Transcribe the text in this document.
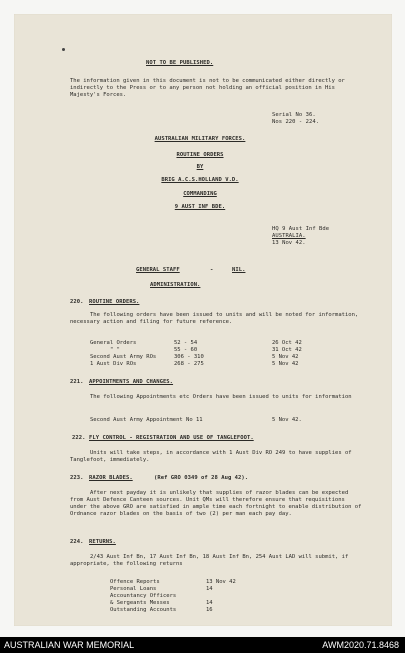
NOT TO BE PUBLISHED.
The information given in this document is not to be communicated either directly or indirectly to the Press or to any person not holding an official position in His Majesty's Forces.
Serial No 36.
Nos 220 - 224.
AUSTRALIAN MILITARY FORCES.
ROUTINE ORDERS
BY
BRIG A.C.S.HOLLAND V.D.
COMMANDING
9 AUST INF BDE.
HQ 9 Aust Inf Bde
AUSTRALIA.
13 Nov 42.
GENERAL STAFF	-	NIL.
ADMINISTRATION.
220. ROUTINE ORDERS.
The following orders have been issued to units and will be noted for information, necessary action and filing for future reference.
General Orders	52 - 54	26 Oct 42
" "	55 - 60	31 Oct 42
Second Aust Army ROs	306 - 310	5 Nov 42
1 Aust Div ROs	268 - 275	5 Nov 42
221. APPOINTMENTS AND CHANGES.
The following Appointments etc Orders have been issued to units for information
Second Aust Army Appointment No 11	5 Nov 42.
222. FLY CONTROL - REGISTRATION AND USE OF TANGLEFOOT.
Units will take steps, in accordance with 1 Aust Div RO 249 to have supplies of Tanglefoot, immediately.
223. RAZOR BLADES.	(Ref GRO 0349 of 28 Aug 42).
After next payday it is unlikely that supplies of razor blades can be expected from Aust Defence Canteen sources. Unit QMs will therefore ensure that requisitions under the above GRO are satisfied in ample time each fortnight to enable distribution of Ordnance razor blades on the basis of two (2) per man each pay day.
224. RETURNS.
2/43 Aust Inf Bn, 17 Aust Inf Bn, 18 Aust Inf Bn, 254 Aust LAD will submit, if appropriate, the following returns
Offence Reports	13 Nov 42
Personal Loans	14
Accountancy Officers
& Sergeants Messes	14
Outstanding Accounts	16
AUSTRALIAN WAR MEMORIAL	AWM2020.71.8468
